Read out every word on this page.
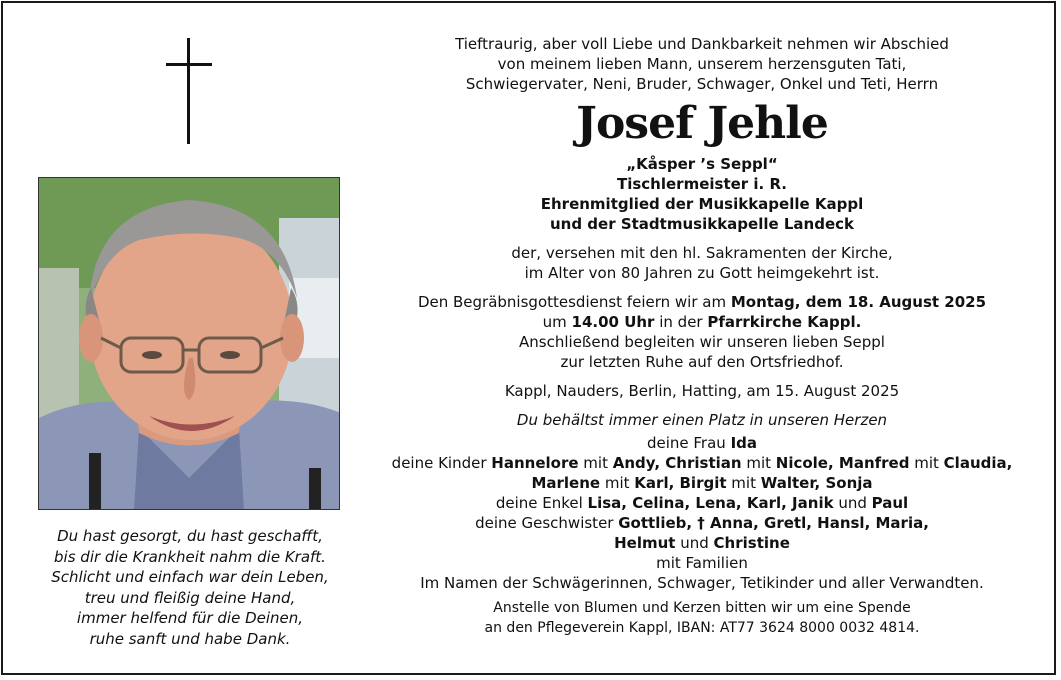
Du hast gesorgt, du hast geschafft,
bis dir die Krankheit nahm die Kraft.
Schlicht und einfach war dein Leben,
treu und fleißig deine Hand,
immer helfend für die Deinen,
ruhe sanft und habe Dank.

Tieftraurig, aber voll Liebe und Dankbarkeit nehmen wir Abschied

von meinem lieben Mann, unserem herzensguten Tati,

Schwiegervater, Neni, Bruder, Schwager, Onkel und Teti, Herrn

Josef Jehle

„Kåsper ’s Seppl“

Tischlermeister i. R.

Ehrenmitglied der Musikkapelle Kappl

und der Stadtmusikkapelle Landeck

der, versehen mit den hl. Sakramenten der Kirche,

im Alter von 80 Jahren zu Gott heimgekehrt ist.

Den Begräbnisgottesdienst feiern wir am Montag, dem 18. August 2025

um 14.00 Uhr in der Pfarrkirche Kappl.

Anschließend begleiten wir unseren lieben Seppl

zur letzten Ruhe auf den Ortsfriedhof.

Kappl, Nauders, Berlin, Hatting, am 15. August 2025

Du behältst immer einen Platz in unseren Herzen

deine Frau Ida

deine Kinder Hannelore mit Andy, Christian mit Nicole, Manfred mit Claudia,

Marlene mit Karl, Birgit mit Walter, Sonja

deine Enkel Lisa, Celina, Lena, Karl, Janik und Paul

deine Geschwister Gottlieb, † Anna, Gretl, Hansl, Maria,

Helmut und Christine

mit Familien

Im Namen der Schwägerinnen, Schwager, Tetikinder und aller Verwandten.

Anstelle von Blumen und Kerzen bitten wir um eine Spende

an den Pflegeverein Kappl, IBAN: AT77 3624 8000 0032 4814.
